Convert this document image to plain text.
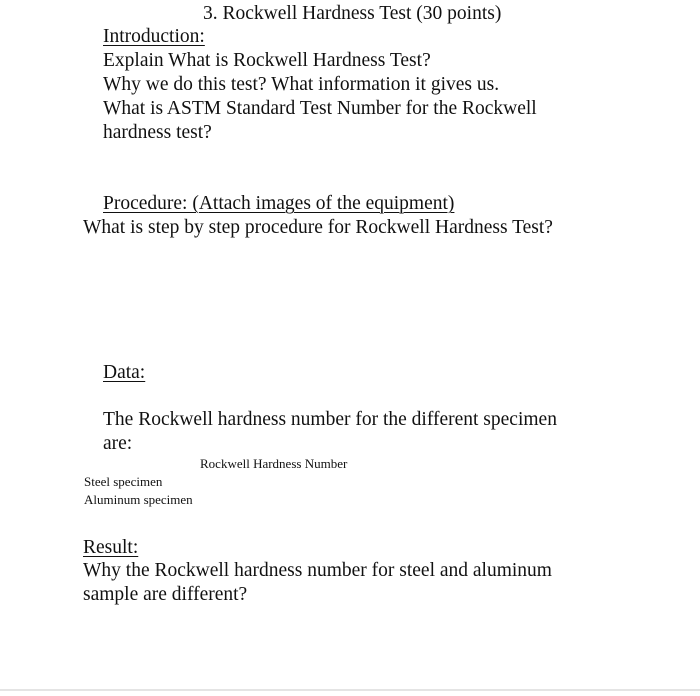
3. Rockwell Hardness Test (30 points)
Introduction:
Explain What is Rockwell Hardness Test?
Why we do this test? What information it gives us.
What is ASTM Standard Test Number for the Rockwell
hardness test?
Procedure: (Attach images of the equipment)
What is step by step procedure for Rockwell Hardness Test?
Data:
The Rockwell hardness number for the different specimen
are:
Rockwell Hardness Number
Steel specimen
Aluminum specimen
Result:
Why the Rockwell hardness number for steel and aluminum
sample are different?
